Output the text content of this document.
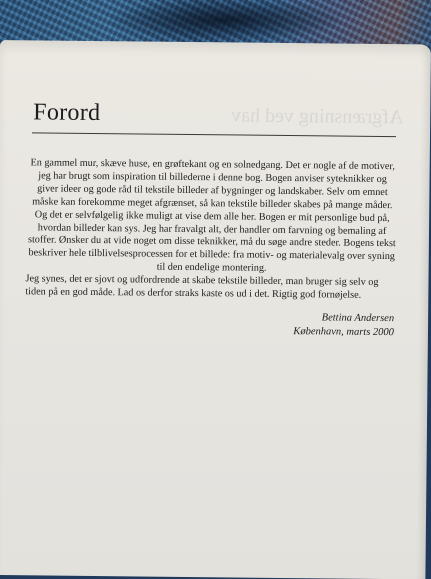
Afgrænsning ved hav
Forord

En gammel mur, skæve huse, en grøftekant og en solnedgang. Det er nogle af de motiver, jeg har brugt som inspiration til billederne i denne bog. Bogen anviser syteknikker og giver ideer og gode råd til tekstile billeder af bygninger og landskaber. Selv om emnet måske kan forekomme meget afgrænset, så kan tekstile billeder skabes på mange måder. Og det er selvfølgelig ikke muligt at vise dem alle her. Bogen er mit personlige bud på, hvordan billeder kan sys. Jeg har fravalgt alt, der handler om farvning og bemaling af stoffer. Ønsker du at vide noget om disse teknikker, må du søge andre steder. Bogens tekst beskriver hele tilblivelsesprocessen for et billede: fra motiv- og materialevalg over syning til den endelige montering.

Jeg synes, det er sjovt og udfordrende at skabe tekstile billeder, man bruger sig selv og tiden på en god måde. Lad os derfor straks kaste os ud i det. Rigtig god fornøjelse.

Bettina Andersen
København, marts 2000
